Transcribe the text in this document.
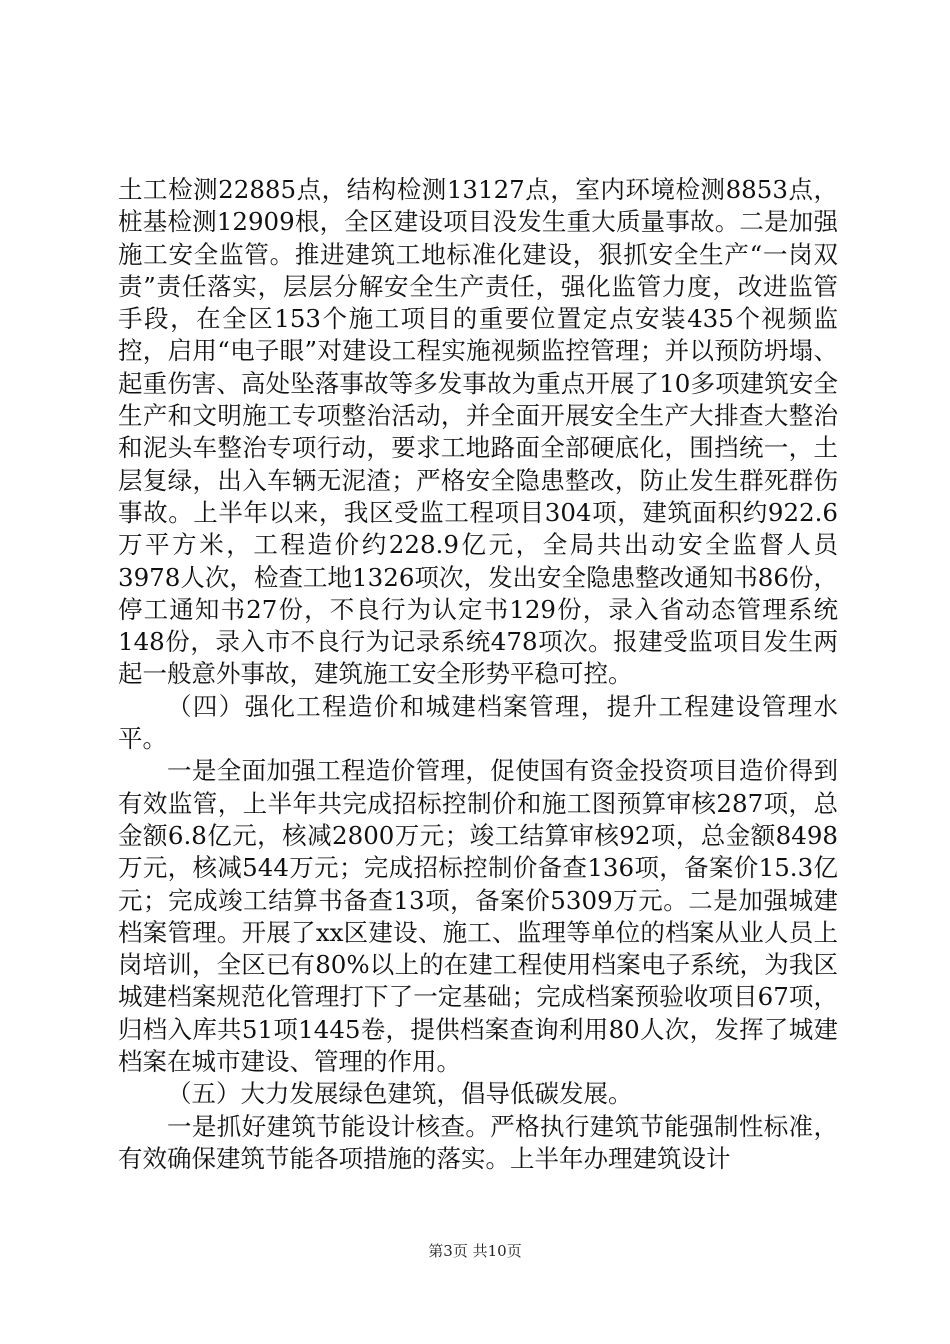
土工检测22885点，结构检测13127点，室内环境检测8853点，桩基检测12909根，全区建设项目没发生重大质量事故。二是加强施工安全监管。推进建筑工地标准化建设，狠抓安全生产“一岗双责”责任落实，层层分解安全生产责任，强化监管力度，改进监管手段，在全区153个施工项目的重要位置定点安装435个视频监控，启用“电子眼”对建设工程实施视频监控管理；并以预防坍塌、起重伤害、高处坠落事故等多发事故为重点开展了10多项建筑安全生产和文明施工专项整治活动，并全面开展安全生产大排查大整治和泥头车整治专项行动，要求工地路面全部硬底化，围挡统一，土层复绿，出入车辆无泥渣；严格安全隐患整改，防止发生群死群伤事故。上半年以来，我区受监工程项目304项，建筑面积约922.6万平方米，工程造价约228.9亿元，全局共出动安全监督人员3978人次，检查工地1326项次，发出安全隐患整改通知书86份，停工通知书27份，不良行为认定书129份，录入省动态管理系统148份，录入市不良行为记录系统478项次。报建受监项目发生两起一般意外事故，建筑施工安全形势平稳可控。

（四）强化工程造价和城建档案管理，提升工程建设管理水平。

一是全面加强工程造价管理，促使国有资金投资项目造价得到有效监管，上半年共完成招标控制价和施工图预算审核287项，总金额6.8亿元，核减2800万元；竣工结算审核92项，总金额8498万元，核减544万元；完成招标控制价备查136项，备案价15.3亿元；完成竣工结算书备查13项，备案价5309万元。二是加强城建档案管理。开展了xx区建设、施工、监理等单位的档案从业人员上岗培训，全区已有80%以上的在建工程使用档案电子系统，为我区城建档案规范化管理打下了一定基础；完成档案预验收项目67项，归档入库共51项1445卷，提供档案查询利用80人次，发挥了城建档案在城市建设、管理的作用。

（五）大力发展绿色建筑，倡导低碳发展。

一是抓好建筑节能设计核查。严格执行建筑节能强制性标准，有效确保建筑节能各项措施的落实。上半年办理建筑设计

第3页 共10页
